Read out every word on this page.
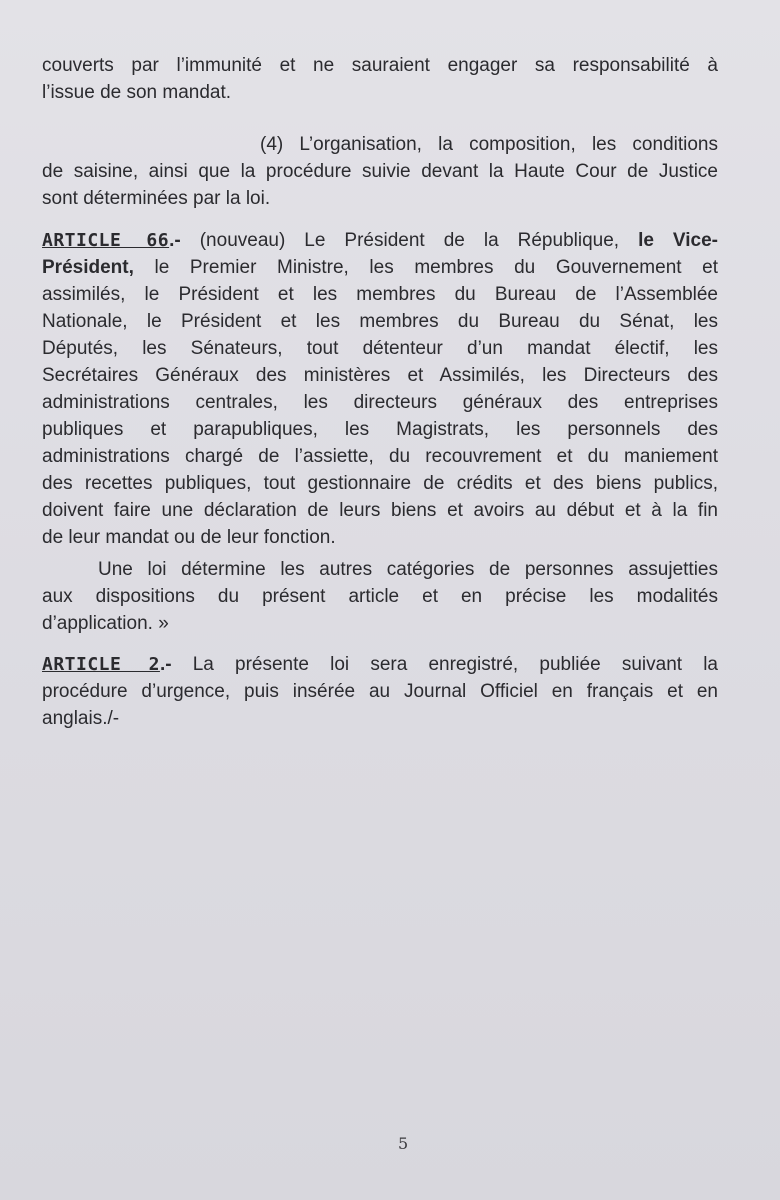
couverts par l’immunité et ne sauraient engager sa responsabilité à
l’issue de son mandat.
(4) L’organisation, la composition, les conditions
de saisine, ainsi que la procédure suivie devant la Haute Cour de Justice
sont déterminées par la loi.
ARTICLE 66.- (nouveau) Le Président de la République, le Vice-
Président, le Premier Ministre, les membres du Gouvernement et
assimilés, le Président et les membres du Bureau de l’Assemblée
Nationale, le Président et les membres du Bureau du Sénat, les
Députés, les Sénateurs, tout détenteur d’un mandat électif, les
Secrétaires Généraux des ministères et Assimilés, les Directeurs des
administrations centrales, les directeurs généraux des entreprises
publiques et parapubliques, les Magistrats, les personnels des
administrations chargé de l’assiette, du recouvrement et du maniement
des recettes publiques, tout gestionnaire de crédits et des biens publics,
doivent faire une déclaration de leurs biens et avoirs au début et à la fin
de leur mandat ou de leur fonction.
Une loi détermine les autres catégories de personnes assujetties
aux dispositions du présent article et en précise les modalités
d’application. »
ARTICLE 2.- La présente loi sera enregistré, publiée suivant la
procédure d’urgence, puis insérée au Journal Officiel en français et en
anglais./-
5
